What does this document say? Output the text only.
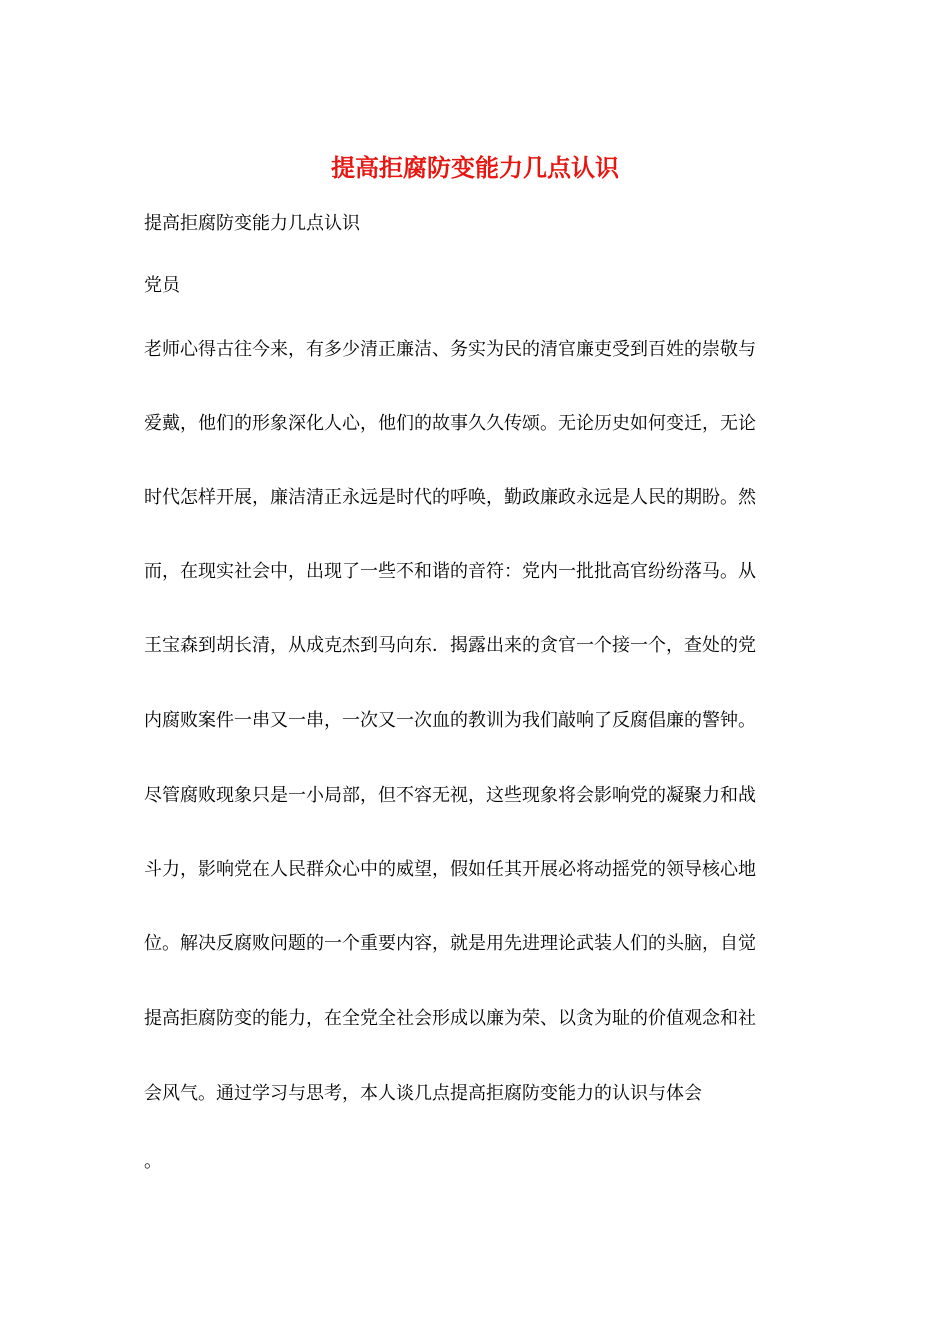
提高拒腐防变能力几点认识

提高拒腐防变能力几点认识

党员

老师心得古往今来，有多少清正廉洁、务实为民的清官廉吏受到百姓的崇敬与

爱戴，他们的形象深化人心，他们的故事久久传颂。无论历史如何变迁，无论

时代怎样开展，廉洁清正永远是时代的呼唤，勤政廉政永远是人民的期盼。然

而，在现实社会中，出现了一些不和谐的音符：党内一批批高官纷纷落马。从

王宝森到胡长清，从成克杰到马向东．揭露出来的贪官一个接一个，查处的党

内腐败案件一串又一串，一次又一次血的教训为我们敲响了反腐倡廉的警钟。

尽管腐败现象只是一小局部，但不容无视，这些现象将会影响党的凝聚力和战

斗力，影响党在人民群众心中的威望，假如任其开展必将动摇党的领导核心地

位。解决反腐败问题的一个重要内容，就是用先进理论武装人们的头脑，自觉

提高拒腐防变的能力，在全党全社会形成以廉为荣、以贪为耻的价值观念和社

会风气。通过学习与思考，本人谈几点提高拒腐防变能力的认识与体会

。
